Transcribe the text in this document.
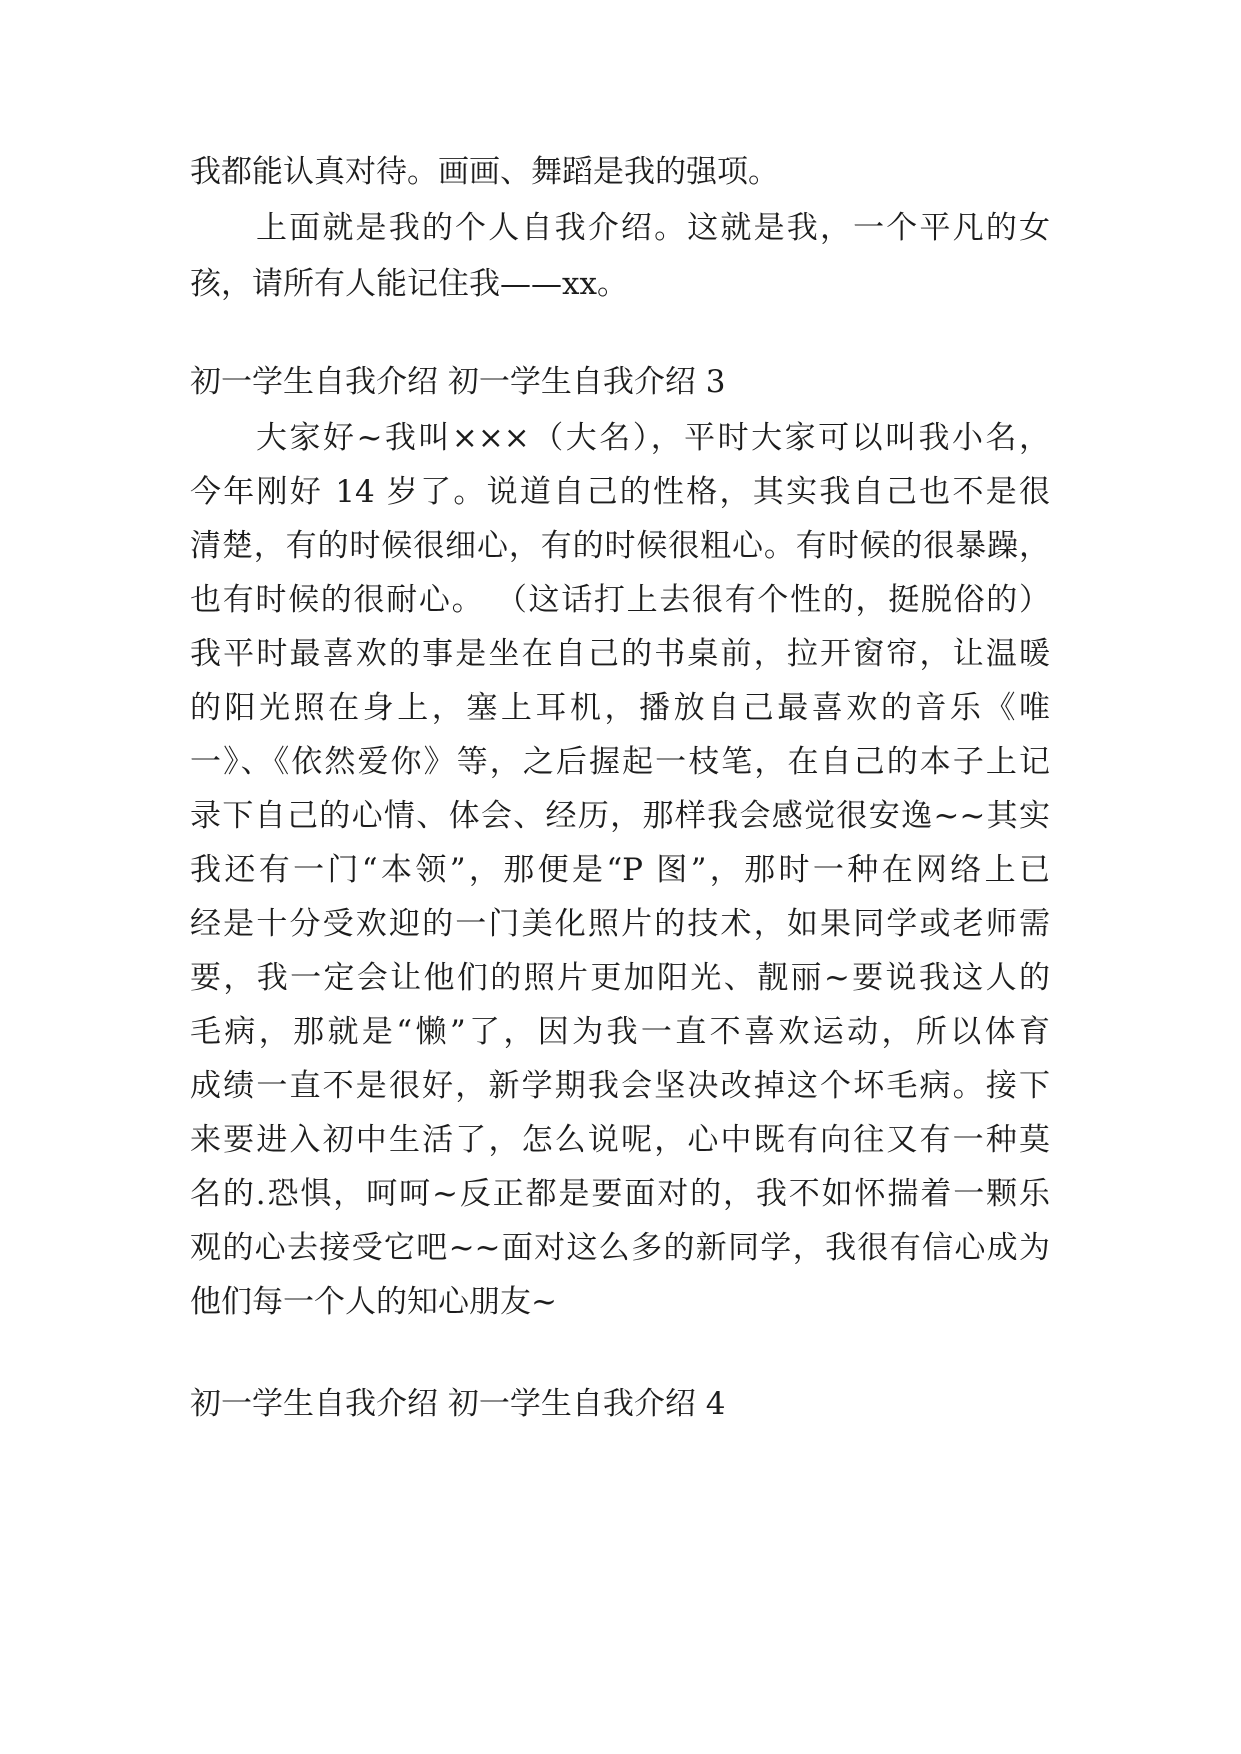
我都能认真对待。画画、舞蹈是我的强项。
上面就是我的个人自我介绍。这就是我，一个平凡的女
孩，请所有人能记住我——xx。
初一学生自我介绍 初一学生自我介绍 3
大家好~我叫×××（大名），平时大家可以叫我小名，
今年刚好 14 岁了。说道自己的性格，其实我自己也不是很
清楚，有的时候很细心，有的时候很粗心。有时候的很暴躁，
也有时候的很耐心。 （这话打上去很有个性的，挺脱俗的）
我平时最喜欢的事是坐在自己的书桌前，拉开窗帘，让温暖
的阳光照在身上，塞上耳机，播放自己最喜欢的音乐《唯
一》、《依然爱你》等，之后握起一枝笔，在自己的本子上记
录下自己的心情、体会、经历，那样我会感觉很安逸~~其实
我还有一门“本领”，那便是“P 图”，那时一种在网络上已
经是十分受欢迎的一门美化照片的技术，如果同学或老师需
要，我一定会让他们的照片更加阳光、靓丽~要说我这人的
毛病，那就是“懒”了，因为我一直不喜欢运动，所以体育
成绩一直不是很好，新学期我会坚决改掉这个坏毛病。接下
来要进入初中生活了，怎么说呢，心中既有向往又有一种莫
名的.恐惧，呵呵~反正都是要面对的，我不如怀揣着一颗乐
观的心去接受它吧~~面对这么多的新同学，我很有信心成为
他们每一个人的知心朋友~
初一学生自我介绍 初一学生自我介绍 4
